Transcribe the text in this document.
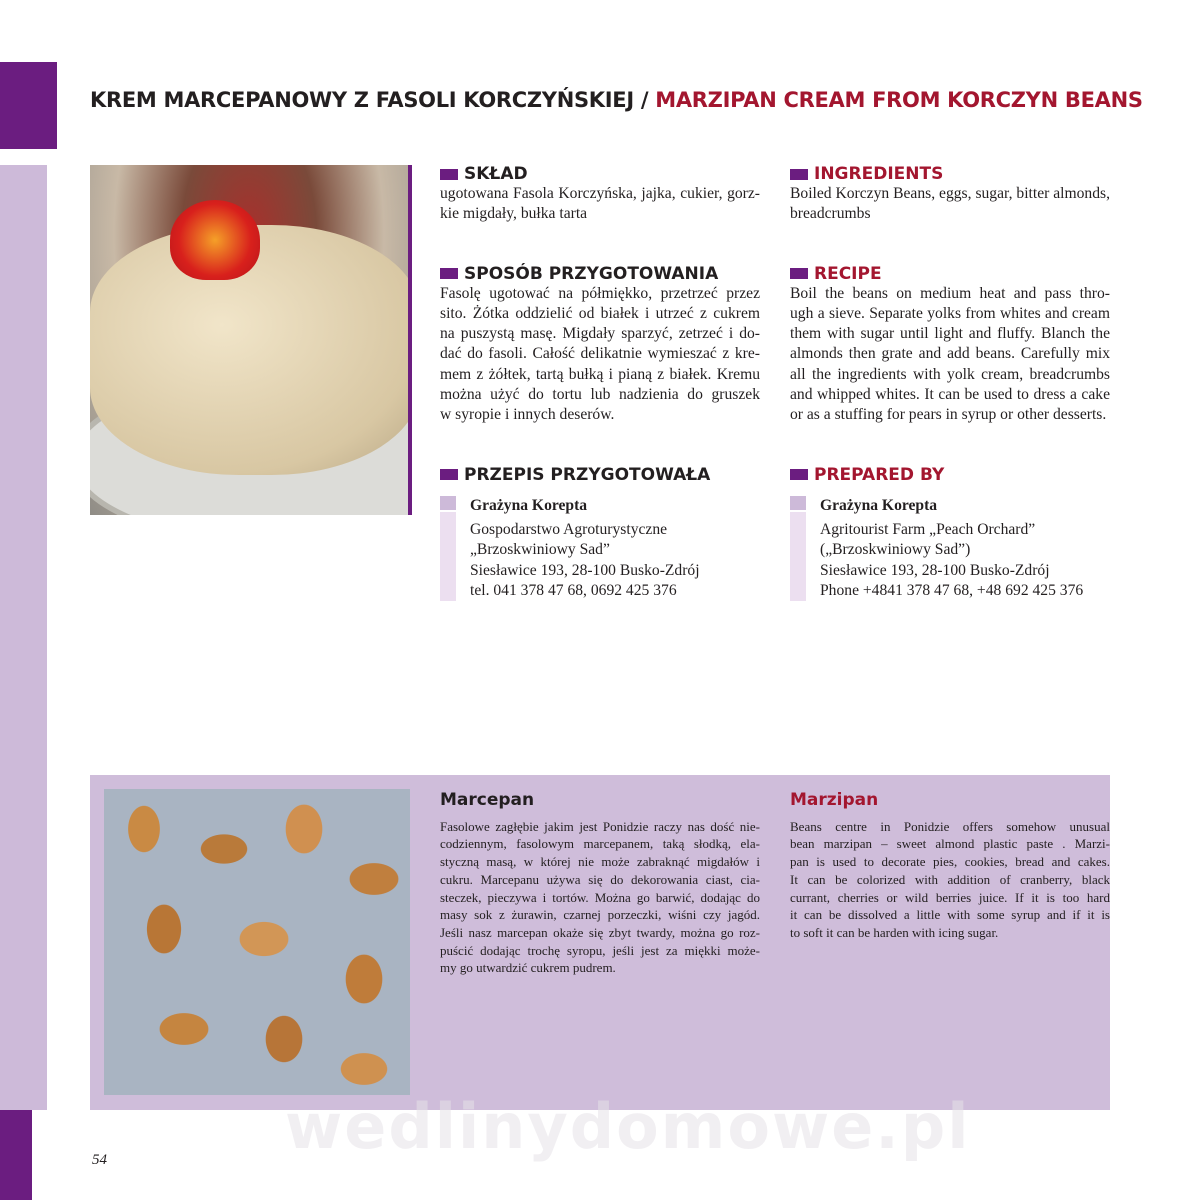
KREM MARCEPANOWY Z FASOLI KORCZYŃSKIEJ / MARZIPAN CREAM FROM KORCZYN BEANS
SKŁAD
ugotowana Fasola Korczyńska, jajka, cukier, gorz-
kie migdały, bułka tarta
SPOSÓB PRZYGOTOWANIA
Fasolę ugotować na półmiękko, przetrzeć przez
sito. Żótka oddzielić od białek i utrzeć z cukrem
na puszystą masę. Migdały sparzyć, zetrzeć i do-
dać do fasoli. Całość delikatnie wymieszać z kre-
mem z żółtek, tartą bułką i pianą z białek. Kremu
można użyć do tortu lub nadzienia do gruszek
w syropie i innych deserów.
PRZEPIS PRZYGOTOWAŁA
Grażyna Korepta
Gospodarstwo Agroturystyczne
„Brzoskwiniowy Sad”
Siesławice 193, 28-100 Busko-Zdrój
tel. 041 378 47 68, 0692 425 376
INGREDIENTS
Boiled Korczyn Beans, eggs, sugar, bitter almonds,
breadcrumbs
RECIPE
Boil the beans on medium heat and pass thro-
ugh a sieve. Separate yolks from whites and cream
them with sugar until light and fluffy. Blanch the
almonds then grate and add beans. Carefully mix
all the ingredients with yolk cream, breadcrumbs
and whipped whites. It can be used to dress a cake
or as a stuffing for pears in syrup or other desserts.
PREPARED BY
Grażyna Korepta
Agritourist Farm „Peach Orchard”
(„Brzoskwiniowy Sad”)
Siesławice 193, 28-100 Busko-Zdrój
Phone +4841 378 47 68, +48 692 425 376
Marcepan
Fasolowe zagłębie jakim jest Ponidzie raczy nas dość nie-
codziennym, fasolowym marcepanem, taką słodką, ela-
styczną masą, w której nie może zabraknąć migdałów i
cukru. Marcepanu używa się do dekorowania ciast, cia-
steczek, pieczywa i tortów. Można go barwić, dodając do
masy sok z żurawin, czarnej porzeczki, wiśni czy jagód.
Jeśli nasz marcepan okaże się zbyt twardy, można go roz-
puścić dodając trochę syropu, jeśli jest za miękki może-
my go utwardzić cukrem pudrem.
Marzipan
Beans centre in Ponidzie offers somehow unusual
bean marzipan – sweet almond plastic paste . Marzi-
pan is used to decorate pies, cookies, bread and cakes.
It can be colorized with addition of cranberry, black
currant, cherries or wild berries juice. If it is too hard
it can be dissolved a little with some syrup and if it is
to soft it can be harden with icing sugar.
wedlinydomowe.pl
54
